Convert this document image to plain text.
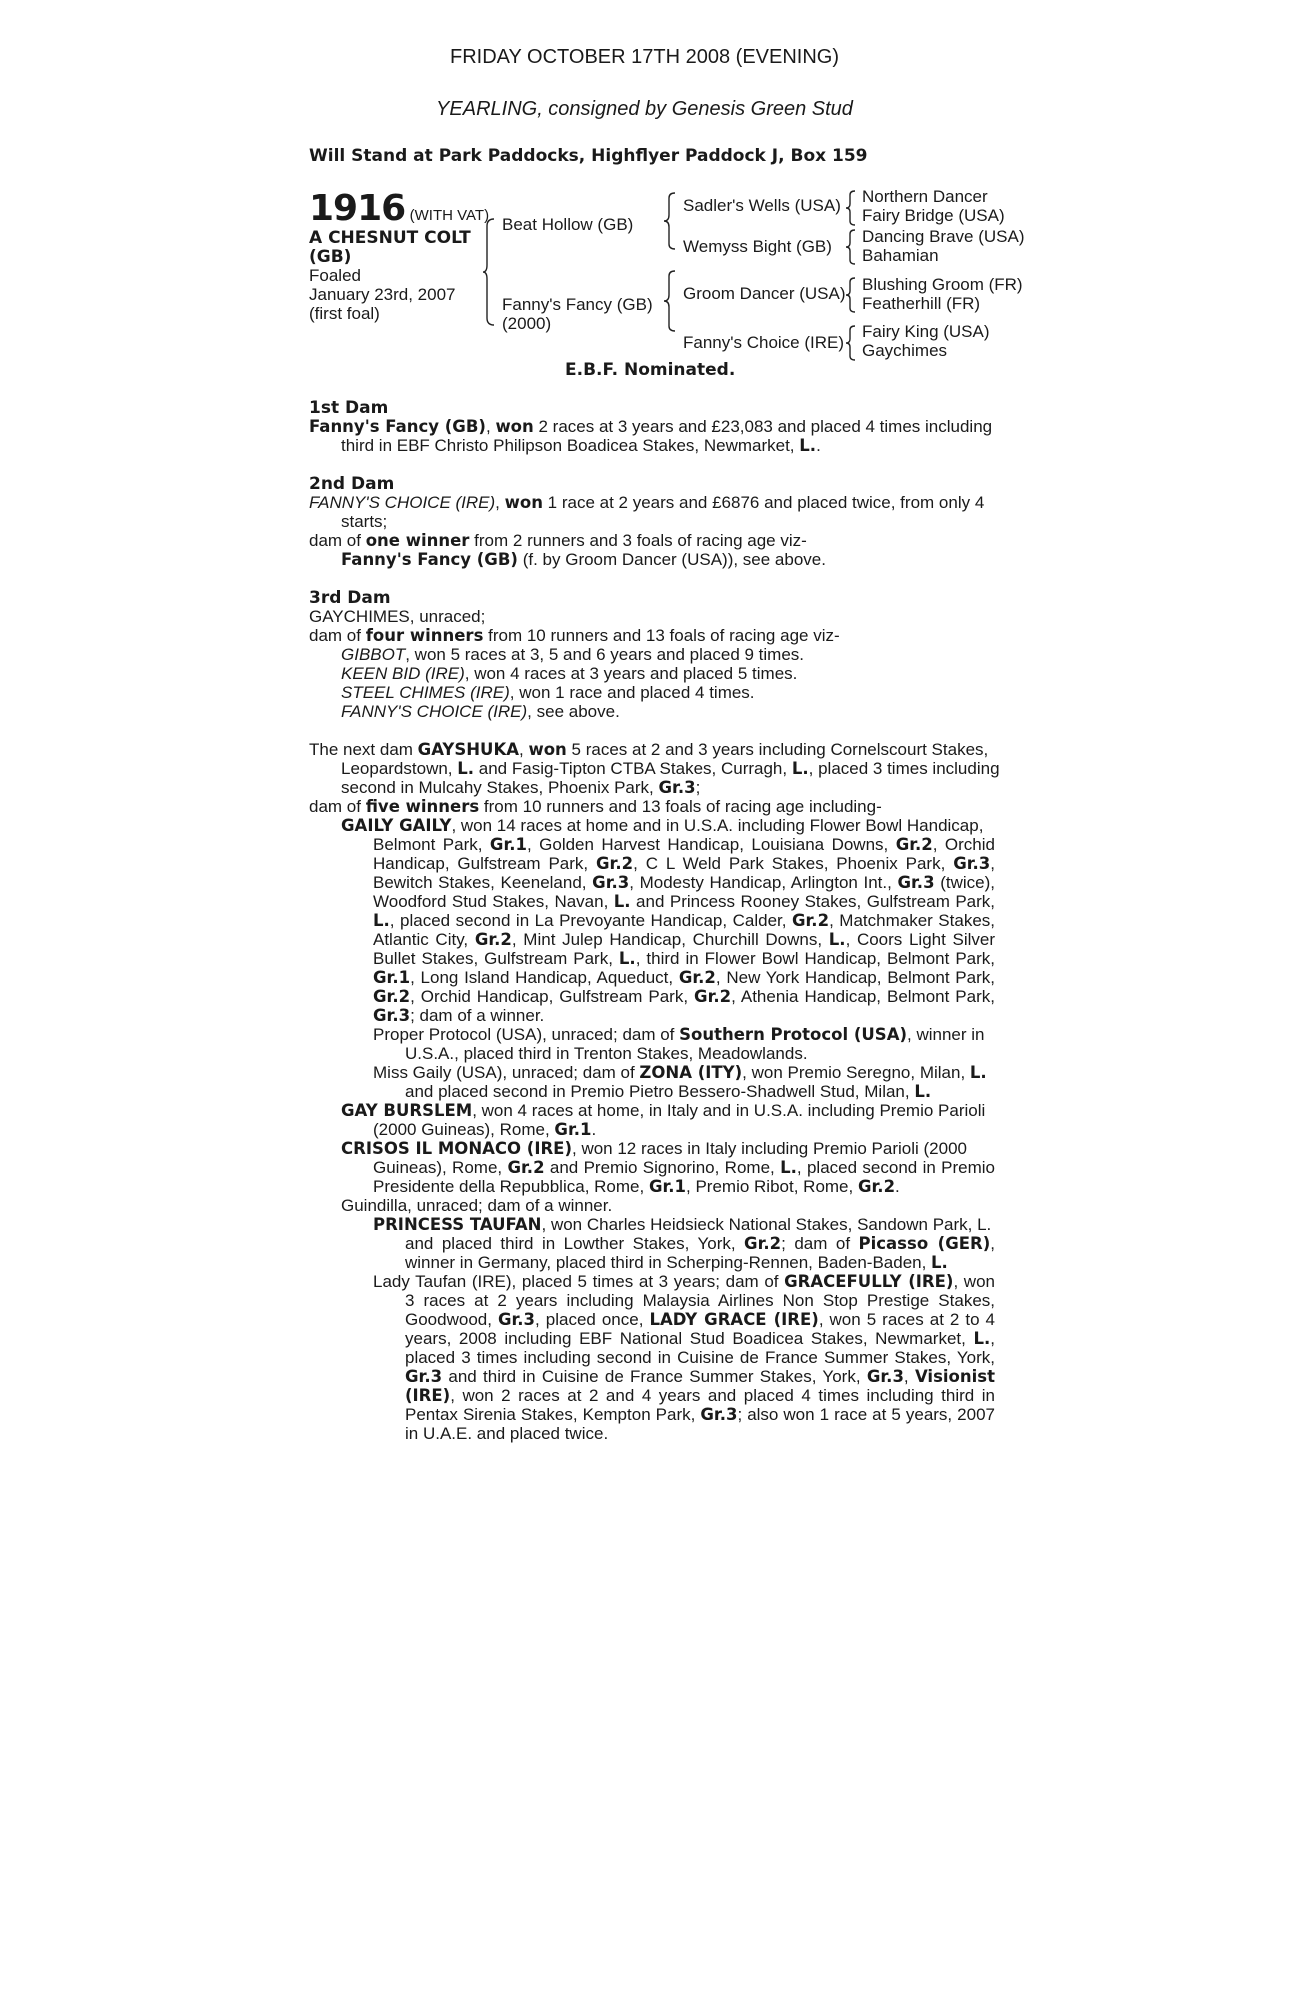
FRIDAY OCTOBER 17TH 2008 (EVENING)
YEARLING, consigned by Genesis Green Stud
Will Stand at Park Paddocks, Highflyer Paddock J, Box 159
1916 (WITH VAT)
A CHESNUT COLT
(GB)
Foaled
January 23rd, 2007
(first foal)
Beat Hollow (GB)
Fanny's Fancy (GB)
(2000)
Sadler's Wells (USA)
Wemyss Bight (GB)
Groom Dancer (USA)
Fanny's Choice (IRE)
Northern Dancer
Fairy Bridge (USA)
Dancing Brave (USA)
Bahamian
Blushing Groom (FR)
Featherhill (FR)
Fairy King (USA)
Gaychimes
E.B.F. Nominated.
1st Dam
Fanny's Fancy (GB), won 2 races at 3 years and £23,083 and placed 4 times including
third in EBF Christo Philipson Boadicea Stakes, Newmarket, L..
2nd Dam
FANNY'S CHOICE (IRE), won 1 race at 2 years and £6876 and placed twice, from only 4
starts;
dam of one winner from 2 runners and 3 foals of racing age viz-
Fanny's Fancy (GB) (f. by Groom Dancer (USA)), see above.
3rd Dam
GAYCHIMES, unraced;
dam of four winners from 10 runners and 13 foals of racing age viz-
GIBBOT, won 5 races at 3, 5 and 6 years and placed 9 times.
KEEN BID (IRE), won 4 races at 3 years and placed 5 times.
STEEL CHIMES (IRE), won 1 race and placed 4 times.
FANNY'S CHOICE (IRE), see above.
The next dam GAYSHUKA, won 5 races at 2 and 3 years including Cornelscourt Stakes,
Leopardstown, L. and Fasig-Tipton CTBA Stakes, Curragh, L., placed 3 times including
second in Mulcahy Stakes, Phoenix Park, Gr.3;
dam of five winners from 10 runners and 13 foals of racing age including-
GAILY GAILY, won 14 races at home and in U.S.A. including Flower Bowl Handicap,
Belmont Park, Gr.1, Golden Harvest Handicap, Louisiana Downs, Gr.2, Orchid
Handicap, Gulfstream Park, Gr.2, C L Weld Park Stakes, Phoenix Park, Gr.3,
Bewitch Stakes, Keeneland, Gr.3, Modesty Handicap, Arlington Int., Gr.3 (twice),
Woodford Stud Stakes, Navan, L. and Princess Rooney Stakes, Gulfstream Park,
L., placed second in La Prevoyante Handicap, Calder, Gr.2, Matchmaker Stakes,
Atlantic City, Gr.2, Mint Julep Handicap, Churchill Downs, L., Coors Light Silver
Bullet Stakes, Gulfstream Park, L., third in Flower Bowl Handicap, Belmont Park,
Gr.1, Long Island Handicap, Aqueduct, Gr.2, New York Handicap, Belmont Park,
Gr.2, Orchid Handicap, Gulfstream Park, Gr.2, Athenia Handicap, Belmont Park,
Gr.3; dam of a winner.
Proper Protocol (USA), unraced; dam of Southern Protocol (USA), winner in
U.S.A., placed third in Trenton Stakes, Meadowlands.
Miss Gaily (USA), unraced; dam of ZONA (ITY), won Premio Seregno, Milan, L.
and placed second in Premio Pietro Bessero-Shadwell Stud, Milan, L.
GAY BURSLEM, won 4 races at home, in Italy and in U.S.A. including Premio Parioli
(2000 Guineas), Rome, Gr.1.
CRISOS IL MONACO (IRE), won 12 races in Italy including Premio Parioli (2000
Guineas), Rome, Gr.2 and Premio Signorino, Rome, L., placed second in Premio
Presidente della Repubblica, Rome, Gr.1, Premio Ribot, Rome, Gr.2.
Guindilla, unraced; dam of a winner.
PRINCESS TAUFAN, won Charles Heidsieck National Stakes, Sandown Park, L.
and placed third in Lowther Stakes, York, Gr.2; dam of Picasso (GER),
winner in Germany, placed third in Scherping-Rennen, Baden-Baden, L.
Lady Taufan (IRE), placed 5 times at 3 years; dam of GRACEFULLY (IRE), won
3 races at 2 years including Malaysia Airlines Non Stop Prestige Stakes,
Goodwood, Gr.3, placed once, LADY GRACE (IRE), won 5 races at 2 to 4
years, 2008 including EBF National Stud Boadicea Stakes, Newmarket, L.,
placed 3 times including second in Cuisine de France Summer Stakes, York,
Gr.3 and third in Cuisine de France Summer Stakes, York, Gr.3, Visionist
(IRE), won 2 races at 2 and 4 years and placed 4 times including third in
Pentax Sirenia Stakes, Kempton Park, Gr.3; also won 1 race at 5 years, 2007
in U.A.E. and placed twice.
